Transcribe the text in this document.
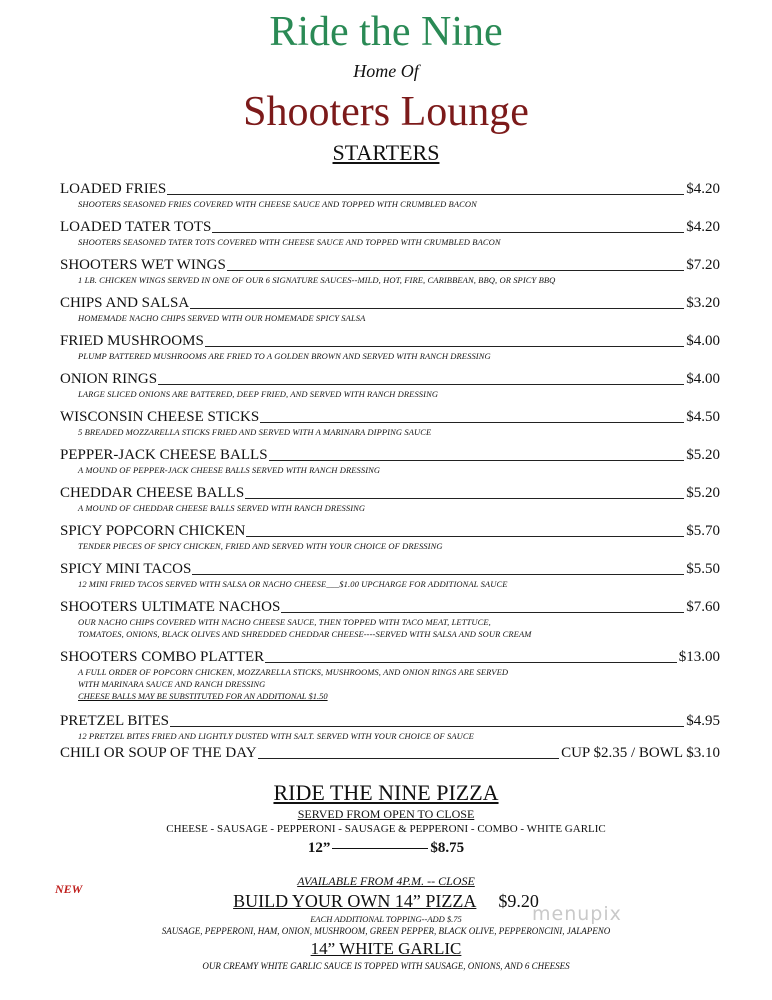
Ride the Nine
Home Of
Shooters Lounge
STARTERS
LOADED FRIES	$4.20
SHOOTERS SEASONED FRIES COVERED WITH CHEESE SAUCE AND TOPPED WITH CRUMBLED BACON
LOADED TATER TOTS	$4.20
SHOOTERS SEASONED TATER TOTS COVERED WITH CHEESE SAUCE AND TOPPED WITH CRUMBLED BACON
SHOOTERS WET WINGS	$7.20
1 LB. CHICKEN WINGS SERVED IN ONE OF OUR 6 SIGNATURE SAUCES--MILD, HOT, FIRE, CARIBBEAN, BBQ, OR SPICY BBQ
CHIPS AND SALSA	$3.20
HOMEMADE NACHO CHIPS SERVED WITH OUR HOMEMADE SPICY SALSA
FRIED MUSHROOMS	$4.00
PLUMP BATTERED MUSHROOMS ARE FRIED TO A GOLDEN BROWN AND SERVED WITH RANCH DRESSING
ONION RINGS	$4.00
LARGE SLICED ONIONS ARE BATTERED, DEEP FRIED, AND SERVED WITH RANCH DRESSING
WISCONSIN CHEESE STICKS	$4.50
5 BREADED MOZZARELLA STICKS FRIED AND SERVED WITH A MARINARA DIPPING SAUCE
PEPPER-JACK CHEESE BALLS	$5.20
A MOUND OF PEPPER-JACK CHEESE BALLS SERVED WITH RANCH DRESSING
CHEDDAR CHEESE BALLS	$5.20
A MOUND OF CHEDDAR CHEESE BALLS SERVED WITH RANCH DRESSING
SPICY POPCORN CHICKEN	$5.70
TENDER PIECES OF SPICY CHICKEN, FRIED AND SERVED WITH YOUR CHOICE OF DRESSING
SPICY MINI TACOS	$5.50
12 MINI FRIED TACOS SERVED WITH SALSA OR NACHO CHEESE___$1.00 UPCHARGE FOR ADDITIONAL SAUCE
SHOOTERS ULTIMATE NACHOS	$7.60
OUR NACHO CHIPS COVERED WITH NACHO CHEESE SAUCE, THEN TOPPED WITH TACO MEAT, LETTUCE,
TOMATOES, ONIONS, BLACK OLIVES AND SHREDDED CHEDDAR CHEESE----SERVED WITH SALSA AND SOUR CREAM
SHOOTERS COMBO PLATTER	$13.00
A FULL ORDER OF POPCORN CHICKEN, MOZZARELLA STICKS, MUSHROOMS, AND ONION RINGS ARE SERVED
WITH MARINARA SAUCE AND RANCH DRESSING
CHEESE BALLS MAY BE SUBSTITUTED FOR AN ADDITIONAL $1.50
PRETZEL BITES	$4.95
12 PRETZEL BITES FRIED AND LIGHTLY DUSTED WITH SALT. SERVED WITH YOUR CHOICE OF SAUCE
CHILI OR SOUP OF THE DAY	CUP $2.35 / BOWL $3.10
RIDE THE NINE PIZZA
SERVED FROM OPEN TO CLOSE
CHEESE - SAUSAGE - PEPPERONI - SAUSAGE & PEPPERONI - COMBO - WHITE GARLIC
12”	$8.75
NEW
AVAILABLE FROM 4P.M. -- CLOSE
BUILD YOUR OWN 14” PIZZA $9.20
EACH ADDITIONAL TOPPING--ADD $.75
SAUSAGE, PEPPERONI, HAM, ONION, MUSHROOM, GREEN PEPPER, BLACK OLIVE, PEPPERONCINI, JALAPENO
14” WHITE GARLIC
OUR CREAMY WHITE GARLIC SAUCE IS TOPPED WITH SAUSAGE, ONIONS, AND 6 CHEESES
menupix
